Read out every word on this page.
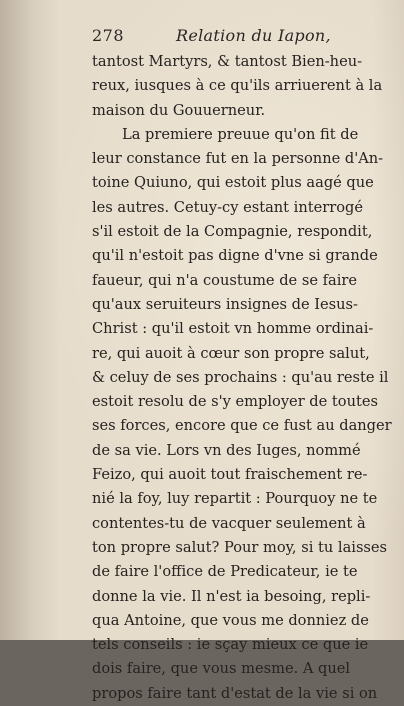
278	Relation du Iapon,
tantost Martyrs, & tantost Bien-heu-
reux, iusques à ce qu'ils arriuerent à la
maison du Gouuerneur.
La premiere preuue qu'on fit de
leur constance fut en la personne d'An-
toine Quiuno, qui estoit plus aagé que
les autres. Cetuy-cy estant interrogé
s'il estoit de la Compagnie, respondit,
qu'il n'estoit pas digne d'vne si grande
faueur, qui n'a coustume de se faire
qu'aux seruiteurs insignes de Iesus-
Christ : qu'il estoit vn homme ordinai-
re, qui auoit à cœur son propre salut,
& celuy de ses prochains : qu'au reste il
estoit resolu de s'y employer de toutes
ses forces, encore que ce fust au danger
de sa vie. Lors vn des Iuges, nommé
Feizo, qui auoit tout fraischement re-
nié la foy, luy repartit : Pourquoy ne te
contentes-tu de vacquer seulement à
ton propre salut? Pour moy, si tu laisses
de faire l'office de Predicateur, ie te
donne la vie. Il n'est ia besoing, repli-
qua Antoine, que vous me donniez de
tels conseils : ie sçay mieux ce que ie
dois faire, que vous mesme. A quel
propos faire tant d'estat de la vie si on
